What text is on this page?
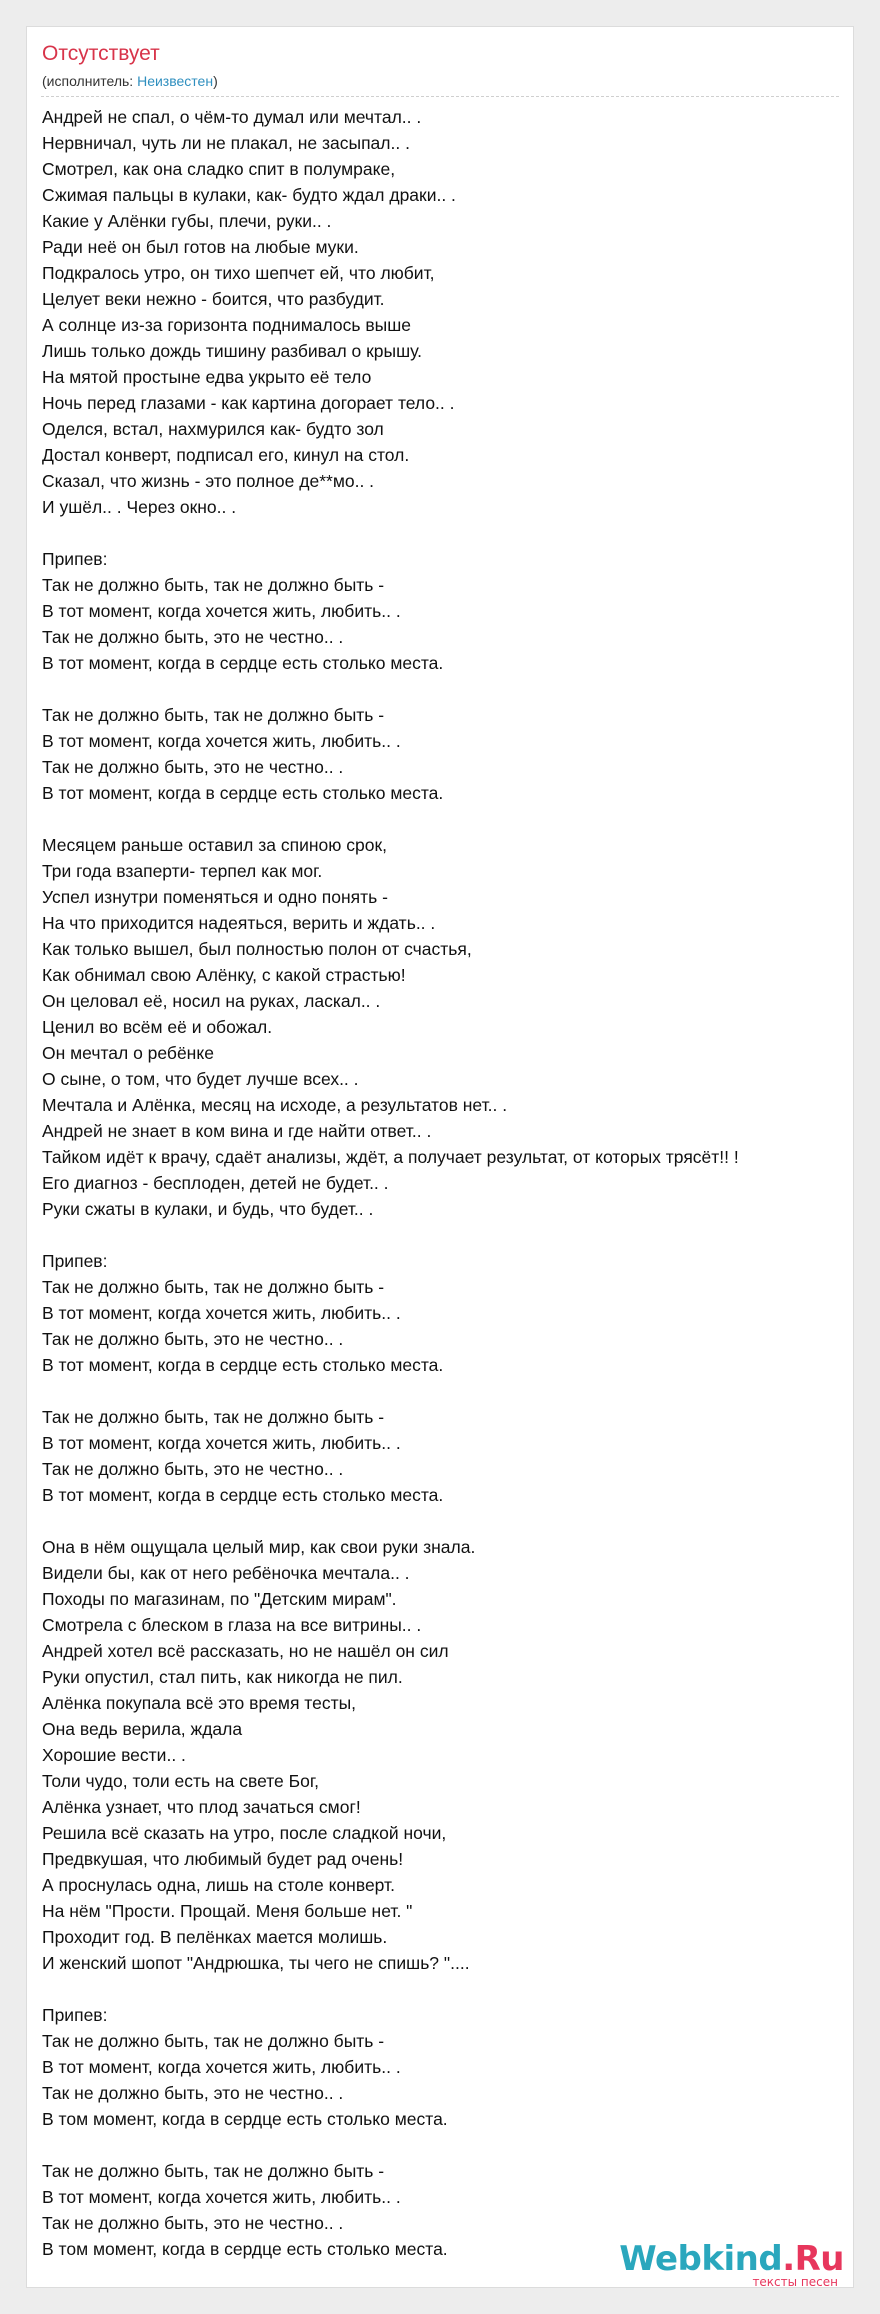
Отсутствует
(исполнитель: Неизвестен)
Андрей не спал, о чём-то думал или мечтал.. .
Нервничал, чуть ли не плакал, не засыпал.. .
Смотрел, как она сладко спит в полумраке,
Сжимая пальцы в кулаки, как- будто ждал драки.. .
Какие у Алёнки губы, плечи, руки.. .
Ради неё он был готов на любые муки.
Подкралось утро, он тихо шепчет ей, что любит,
Целует веки нежно - боится, что разбудит.
А солнце из-за горизонта поднималось выше
Лишь только дождь тишину разбивал о крышу.
На мятой простыне едва укрыто её тело
Ночь перед глазами - как картина догорает тело.. .
Оделся, встал, нахмурился как- будто зол
Достал конверт, подписал его, кинул на стол.
Сказал, что жизнь - это полное де**мо.. .
И ушёл.. . Через окно.. .
Припев:
Так не должно быть, так не должно быть -
В тот момент, когда хочется жить, любить.. .
Так не должно быть, это не честно.. .
В тот момент, когда в сердце есть столько места.
Так не должно быть, так не должно быть -
В тот момент, когда хочется жить, любить.. .
Так не должно быть, это не честно.. .
В тот момент, когда в сердце есть столько места.
Месяцем раньше оставил за спиною срок,
Три года взаперти- терпел как мог.
Успел изнутри поменяться и одно понять -
На что приходится надеяться, верить и ждать.. .
Как только вышел, был полностью полон от счастья,
Как обнимал свою Алёнку, с какой страстью!
Он целовал её, носил на руках, ласкал.. .
Ценил во всём её и обожал.
Он мечтал о ребёнке
О сыне, о том, что будет лучше всех.. .
Мечтала и Алёнка, месяц на исходе, а результатов нет.. .
Андрей не знает в ком вина и где найти ответ.. .
Тайком идёт к врачу, сдаёт анализы, ждёт, а получает результат, от которых трясёт!! !
Его диагноз - бесплоден, детей не будет.. .
Руки сжаты в кулаки, и будь, что будет.. .
Припев:
Так не должно быть, так не должно быть -
В тот момент, когда хочется жить, любить.. .
Так не должно быть, это не честно.. .
В тот момент, когда в сердце есть столько места.
Так не должно быть, так не должно быть -
В тот момент, когда хочется жить, любить.. .
Так не должно быть, это не честно.. .
В тот момент, когда в сердце есть столько места.
Она в нём ощущала целый мир, как свои руки знала.
Видели бы, как от него ребёночка мечтала.. .
Походы по магазинам, по "Детским мирам".
Смотрела с блеском в глаза на все витрины.. .
Андрей хотел всё рассказать, но не нашёл он сил
Руки опустил, стал пить, как никогда не пил.
Алёнка покупала всё это время тесты,
Она ведь верила, ждала
Хорошие вести.. .
Толи чудо, толи есть на свете Бог,
Алёнка узнает, что плод зачаться смог!
Решила всё сказать на утро, после сладкой ночи,
Предвкушая, что любимый будет рад очень!
А проснулась одна, лишь на столе конверт.
На нём "Прости. Прощай. Меня больше нет. "
Проходит год. В пелёнках мается молишь.
И женский шопот "Андрюшка, ты чего не спишь? "....
Припев:
Так не должно быть, так не должно быть -
В тот момент, когда хочется жить, любить.. .
Так не должно быть, это не честно.. .
В том момент, когда в сердце есть столько места.
Так не должно быть, так не должно быть -
В тот момент, когда хочется жить, любить.. .
Так не должно быть, это не честно.. .
В том момент, когда в сердце есть столько места.	Webkind.Ru
тексты песен
